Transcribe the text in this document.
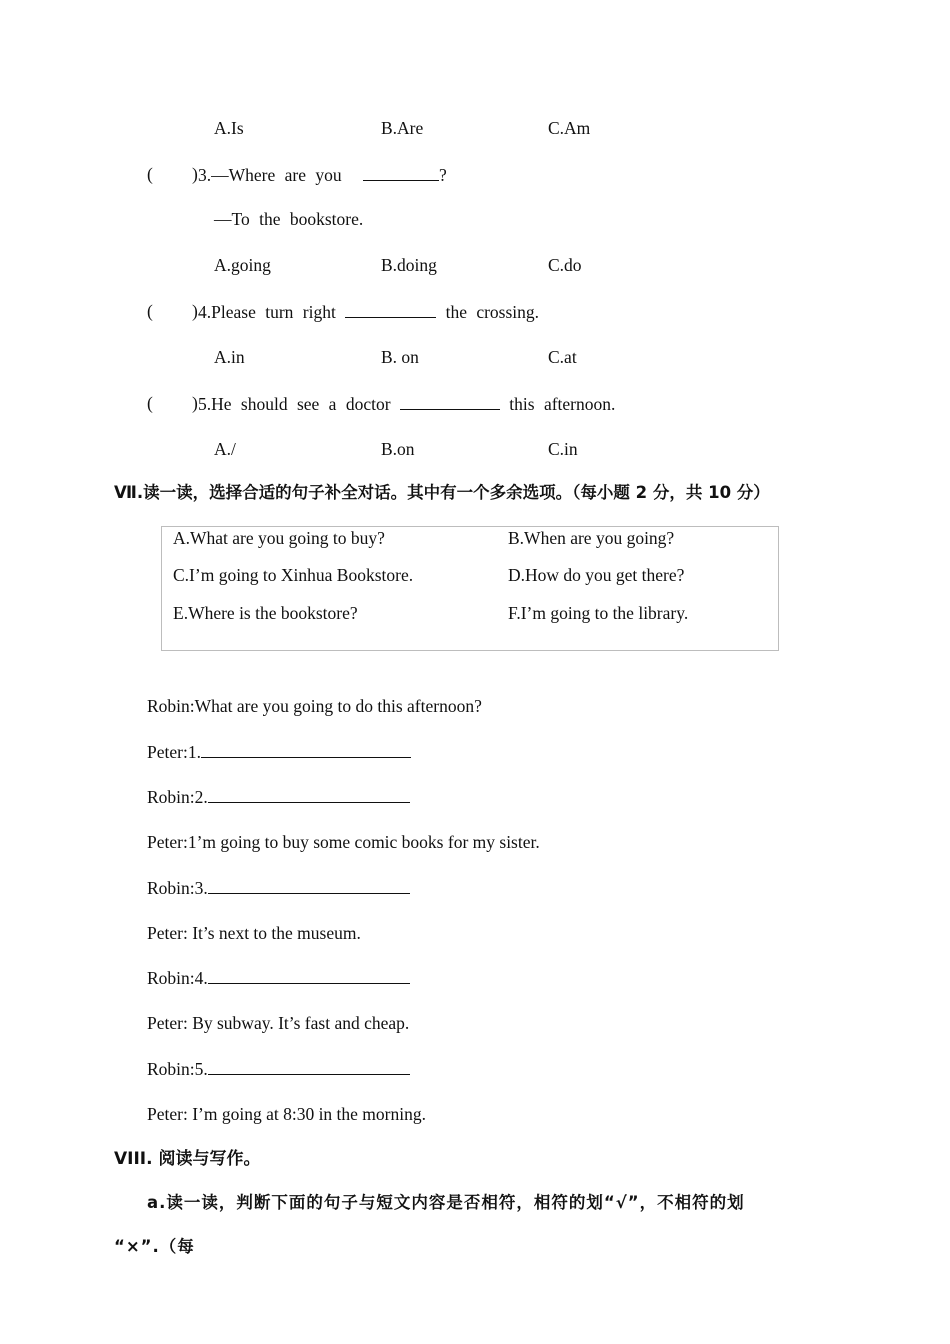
A.Is	B.Are	C.Am
( ) 3.—Where are you	?
—To the bookstore.
A.going	B.doing	C.do
( ) 4.Please turn right	the crossing.
A.in	B. on	C.at
( ) 5.He should see a doctor	this afternoon.
A./	B.on	C.in
Ⅶ.读一读，选择合适的句子补全对话。其中有一个多余选项。（每小题 2 分，共 10 分）
A.What are you going to buy?	B.When are you going?
C.I’m going to Xinhua Bookstore.	D.How do you get there?
E.Where is the bookstore?	F.I’m going to the library.
Robin:What are you going to do this afternoon?
Peter:1.
Robin:2.
Peter:1’m going to buy some comic books for my sister.
Robin:3.
Peter: It’s next to the museum.
Robin:4.
Peter: By subway. It’s fast and cheap.
Robin:5.
Peter: I’m going at 8:30 in the morning.
VIII. 阅读与写作。
a.读一读，判断下面的句子与短文内容是否相符，相符的划“√”，不相符的划
“×”.（每
